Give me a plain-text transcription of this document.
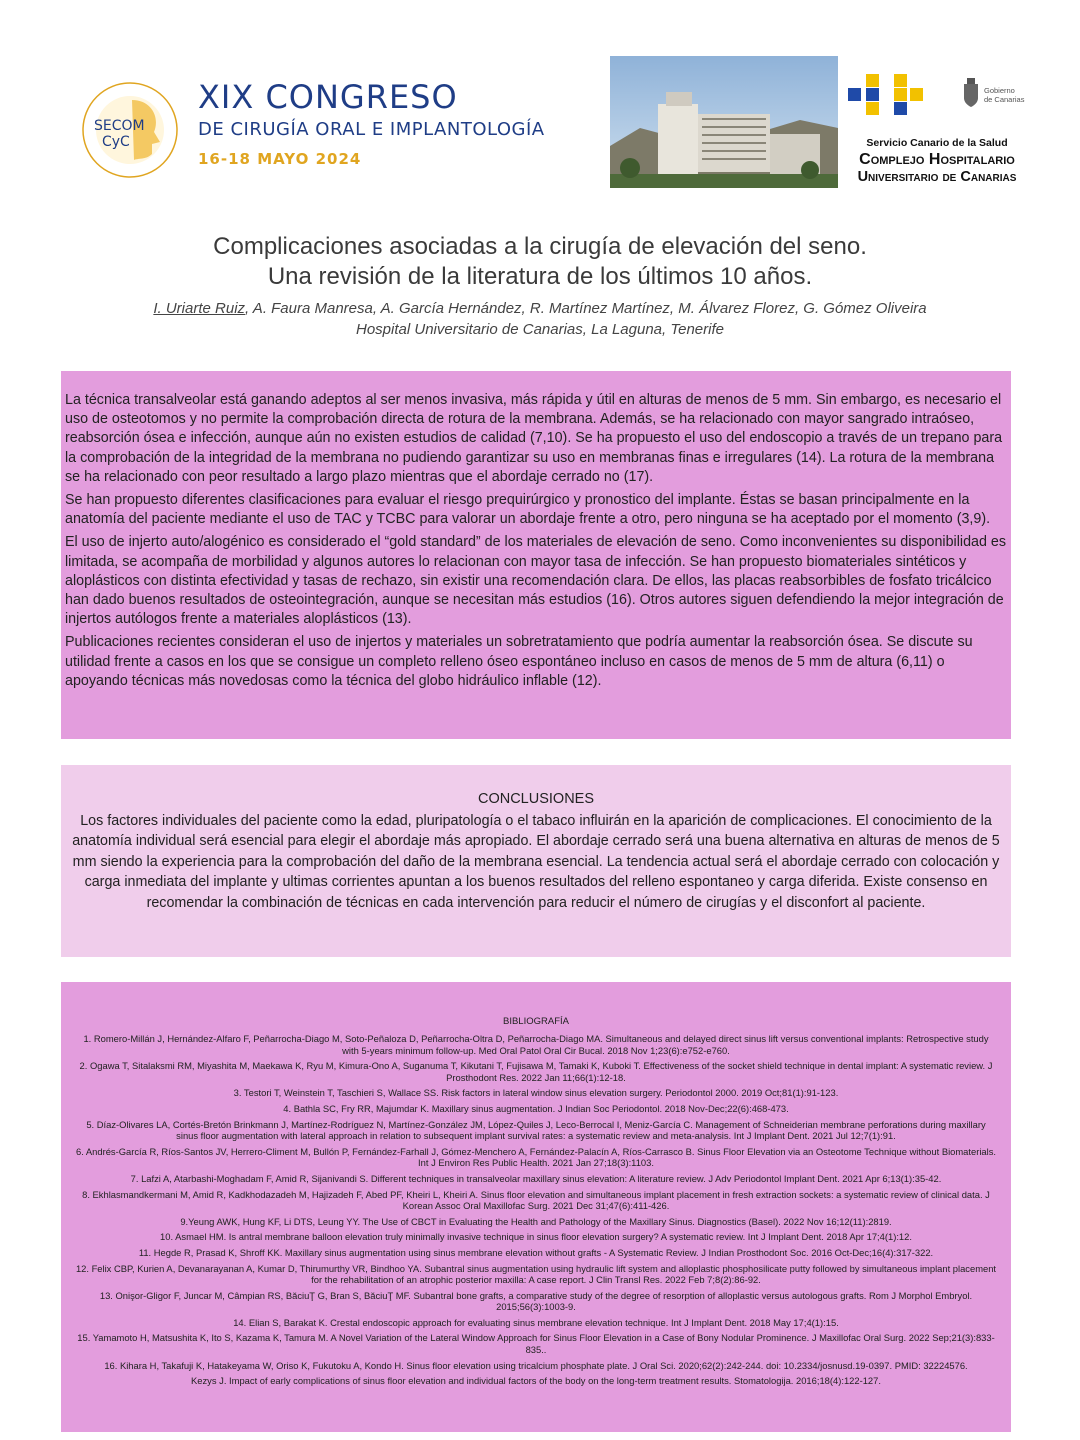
SECOM
CyC
XIX CONGRESO
DE CIRUGÍA ORAL E IMPLANTOLOGÍA
16-18 MAYO 2024
Gobierno
de Canarias
Servicio Canario de la Salud
Complejo Hospitalario
Universitario de Canarias
Complicaciones asociadas a la cirugía de elevación del seno.
Una revisión de la literatura de los últimos 10 años.
I. Uriarte Ruiz, A. Faura Manresa, A. García Hernández, R. Martínez Martínez, M. Álvarez Florez, G. Gómez Oliveira
Hospital Universitario de Canarias, La Laguna, Tenerife

La técnica transalveolar está ganando adeptos al ser menos invasiva, más rápida y útil en alturas de menos de 5 mm. Sin embargo, es necesario el uso de osteotomos y no permite la comprobación directa de rotura de la membrana. Además, se ha relacionado con mayor sangrado intraóseo, reabsorción ósea e infección, aunque aún no existen estudios de calidad (7,10). Se ha propuesto el uso del endoscopio a través de un trepano para la comprobación de la integridad de la membrana no pudiendo garantizar su uso en membranas finas e irregulares (14). La rotura de la membrana se ha relacionado con peor resultado a largo plazo mientras que el abordaje cerrado no (17).

Se han propuesto diferentes clasificaciones para evaluar el riesgo prequirúrgico y pronostico del implante. Éstas se basan principalmente en la anatomía del paciente mediante el uso de TAC y TCBC para valorar un abordaje frente a otro, pero ninguna se ha aceptado por el momento (3,9).

El uso de injerto auto/alogénico es considerado el “gold standard” de los materiales de elevación de seno. Como inconvenientes su disponibilidad es limitada, se acompaña de morbilidad y algunos autores lo relacionan con mayor tasa de infección. Se han propuesto biomateriales sintéticos y aloplásticos con distinta efectividad y tasas de rechazo, sin existir una recomendación clara. De ellos, las placas reabsorbibles de fosfato tricálcico han dado buenos resultados de osteointegración, aunque se necesitan más estudios (16). Otros autores siguen defendiendo la mejor integración de injertos autólogos frente a materiales aloplásticos (13).

Publicaciones recientes consideran el uso de injertos y materiales un sobretratamiento que podría aumentar la reabsorción ósea. Se discute su utilidad frente a casos en los que se consigue un completo relleno óseo espontáneo incluso en casos de menos de 5 mm de altura (6,11) o apoyando técnicas más novedosas como la técnica del globo hidráulico inflable (12).

CONCLUSIONES
Los factores individuales del paciente como la edad, pluripatología o el tabaco influirán en la aparición de complicaciones. El conocimiento de la anatomía individual será esencial para elegir el abordaje más apropiado. El abordaje cerrado será una buena alternativa en alturas de menos de 5 mm siendo la experiencia para la comprobación del daño de la membrana esencial. La tendencia actual será el abordaje cerrado con colocación y carga inmediata del implante y ultimas corrientes apuntan a los buenos resultados del relleno espontaneo y carga diferida. Existe consenso en recomendar la combinación de técnicas en cada intervención para reducir el número de cirugías y el disconfort al paciente.
BIBLIOGRAFÍA
1. Romero-Millán J, Hernández-Alfaro F, Peñarrocha-Diago M, Soto-Peñaloza D, Peñarrocha-Oltra D, Peñarrocha-Diago MA. Simultaneous and delayed direct sinus lift versus conventional implants: Retrospective study with 5-years minimum follow-up. Med Oral Patol Oral Cir Bucal. 2018 Nov 1;23(6):e752-e760.
2. Ogawa T, Sitalaksmi RM, Miyashita M, Maekawa K, Ryu M, Kimura-Ono A, Suganuma T, Kikutani T, Fujisawa M, Tamaki K, Kuboki T. Effectiveness of the socket shield technique in dental implant: A systematic review. J Prosthodont Res. 2022 Jan 11;66(1):12-18.
3. Testori T, Weinstein T, Taschieri S, Wallace SS. Risk factors in lateral window sinus elevation surgery. Periodontol 2000. 2019 Oct;81(1):91-123.
4. Bathla SC, Fry RR, Majumdar K. Maxillary sinus augmentation. J Indian Soc Periodontol. 2018 Nov-Dec;22(6):468-473.
5. Díaz-Olivares LA, Cortés-Bretón Brinkmann J, Martínez-Rodríguez N, Martínez-González JM, López-Quiles J, Leco-Berrocal I, Meniz-García C. Management of Schneiderian membrane perforations during maxillary sinus floor augmentation with lateral approach in relation to subsequent implant survival rates: a systematic review and meta-analysis. Int J Implant Dent. 2021 Jul 12;7(1):91.
6. Andrés-García R, Ríos-Santos JV, Herrero-Climent M, Bullón P, Fernández-Farhall J, Gómez-Menchero A, Fernández-Palacín A, Ríos-Carrasco B. Sinus Floor Elevation via an Osteotome Technique without Biomaterials. Int J Environ Res Public Health. 2021 Jan 27;18(3):1103.
7. Lafzi A, Atarbashi-Moghadam F, Amid R, Sijanivandi S. Different techniques in transalveolar maxillary sinus elevation: A literature review. J Adv Periodontol Implant Dent. 2021 Apr 6;13(1):35-42.
8. Ekhlasmandkermani M, Amid R, Kadkhodazadeh M, Hajizadeh F, Abed PF, Kheiri L, Kheiri A. Sinus floor elevation and simultaneous implant placement in fresh extraction sockets: a systematic review of clinical data. J Korean Assoc Oral Maxillofac Surg. 2021 Dec 31;47(6):411-426.
9.Yeung AWK, Hung KF, Li DTS, Leung YY. The Use of CBCT in Evaluating the Health and Pathology of the Maxillary Sinus. Diagnostics (Basel). 2022 Nov 16;12(11):2819.
10. Asmael HM. Is antral membrane balloon elevation truly minimally invasive technique in sinus floor elevation surgery? A systematic review. Int J Implant Dent. 2018 Apr 17;4(1):12.
11. Hegde R, Prasad K, Shroff KK. Maxillary sinus augmentation using sinus membrane elevation without grafts - A Systematic Review. J Indian Prosthodont Soc. 2016 Oct-Dec;16(4):317-322.
12. Felix CBP, Kurien A, Devanarayanan A, Kumar D, Thirumurthy VR, Bindhoo YA. Subantral sinus augmentation using hydraulic lift system and alloplastic phosphosilicate putty followed by simultaneous implant placement for the rehabilitation of an atrophic posterior maxilla: A case report. J Clin Transl Res. 2022 Feb 7;8(2):86-92.
13. Onişor-Gligor F, Juncar M, Câmpian RS, BăciuŢ G, Bran S, BăciuŢ MF. Subantral bone grafts, a comparative study of the degree of resorption of alloplastic versus autologous grafts. Rom J Morphol Embryol. 2015;56(3):1003-9.
14. Elian S, Barakat K. Crestal endoscopic approach for evaluating sinus membrane elevation technique. Int J Implant Dent. 2018 May 17;4(1):15.
15. Yamamoto H, Matsushita K, Ito S, Kazama K, Tamura M. A Novel Variation of the Lateral Window Approach for Sinus Floor Elevation in a Case of Bony Nodular Prominence. J Maxillofac Oral Surg. 2022 Sep;21(3):833-835..
16. Kihara H, Takafuji K, Hatakeyama W, Oriso K, Fukutoku A, Kondo H. Sinus floor elevation using tricalcium phosphate plate. J Oral Sci. 2020;62(2):242-244. doi: 10.2334/josnusd.19-0397. PMID: 32224576.
Kezys J. Impact of early complications of sinus floor elevation and individual factors of the body on the long-term treatment results. Stomatologija. 2016;18(4):122-127.
